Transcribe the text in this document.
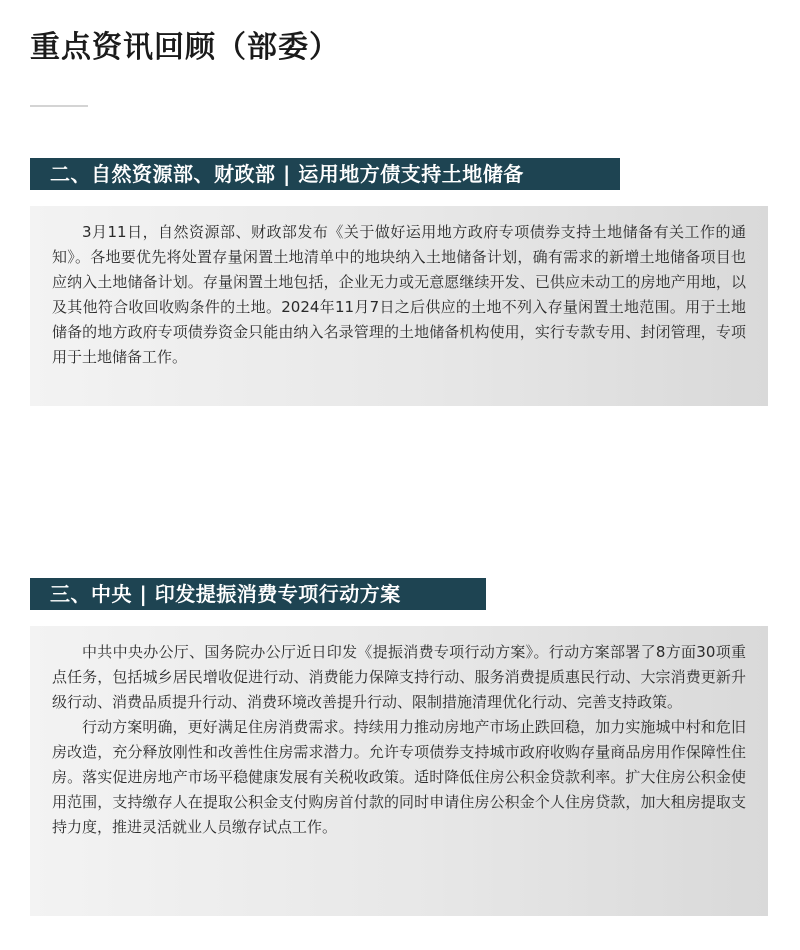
重点资讯回顾（部委）
二、自然资源部、财政部 | 运用地方债支持土地储备

3月11日，自然资源部、财政部发布《关于做好运用地方政府专项债券支持土地储备有关工作的通知》。各地要优先将处置存量闲置土地清单中的地块纳入土地储备计划，确有需求的新增土地储备项目也应纳入土地储备计划。存量闲置土地包括，企业无力或无意愿继续开发、已供应未动工的房地产用地，以及其他符合收回收购条件的土地。2024年11月7日之后供应的土地不列入存量闲置土地范围。用于土地储备的地方政府专项债券资金只能由纳入名录管理的土地储备机构使用，实行专款专用、封闭管理，专项用于土地储备工作。

三、中央 | 印发提振消费专项行动方案

中共中央办公厅、国务院办公厅近日印发《提振消费专项行动方案》。行动方案部署了8方面30项重点任务，包括城乡居民增收促进行动、消费能力保障支持行动、服务消费提质惠民行动、大宗消费更新升级行动、消费品质提升行动、消费环境改善提升行动、限制措施清理优化行动、完善支持政策。

行动方案明确，更好满足住房消费需求。持续用力推动房地产市场止跌回稳，加力实施城中村和危旧房改造，充分释放刚性和改善性住房需求潜力。允许专项债券支持城市政府收购存量商品房用作保障性住房。落实促进房地产市场平稳健康发展有关税收政策。适时降低住房公积金贷款利率。扩大住房公积金使用范围，支持缴存人在提取公积金支付购房首付款的同时申请住房公积金个人住房贷款，加大租房提取支持力度，推进灵活就业人员缴存试点工作。
